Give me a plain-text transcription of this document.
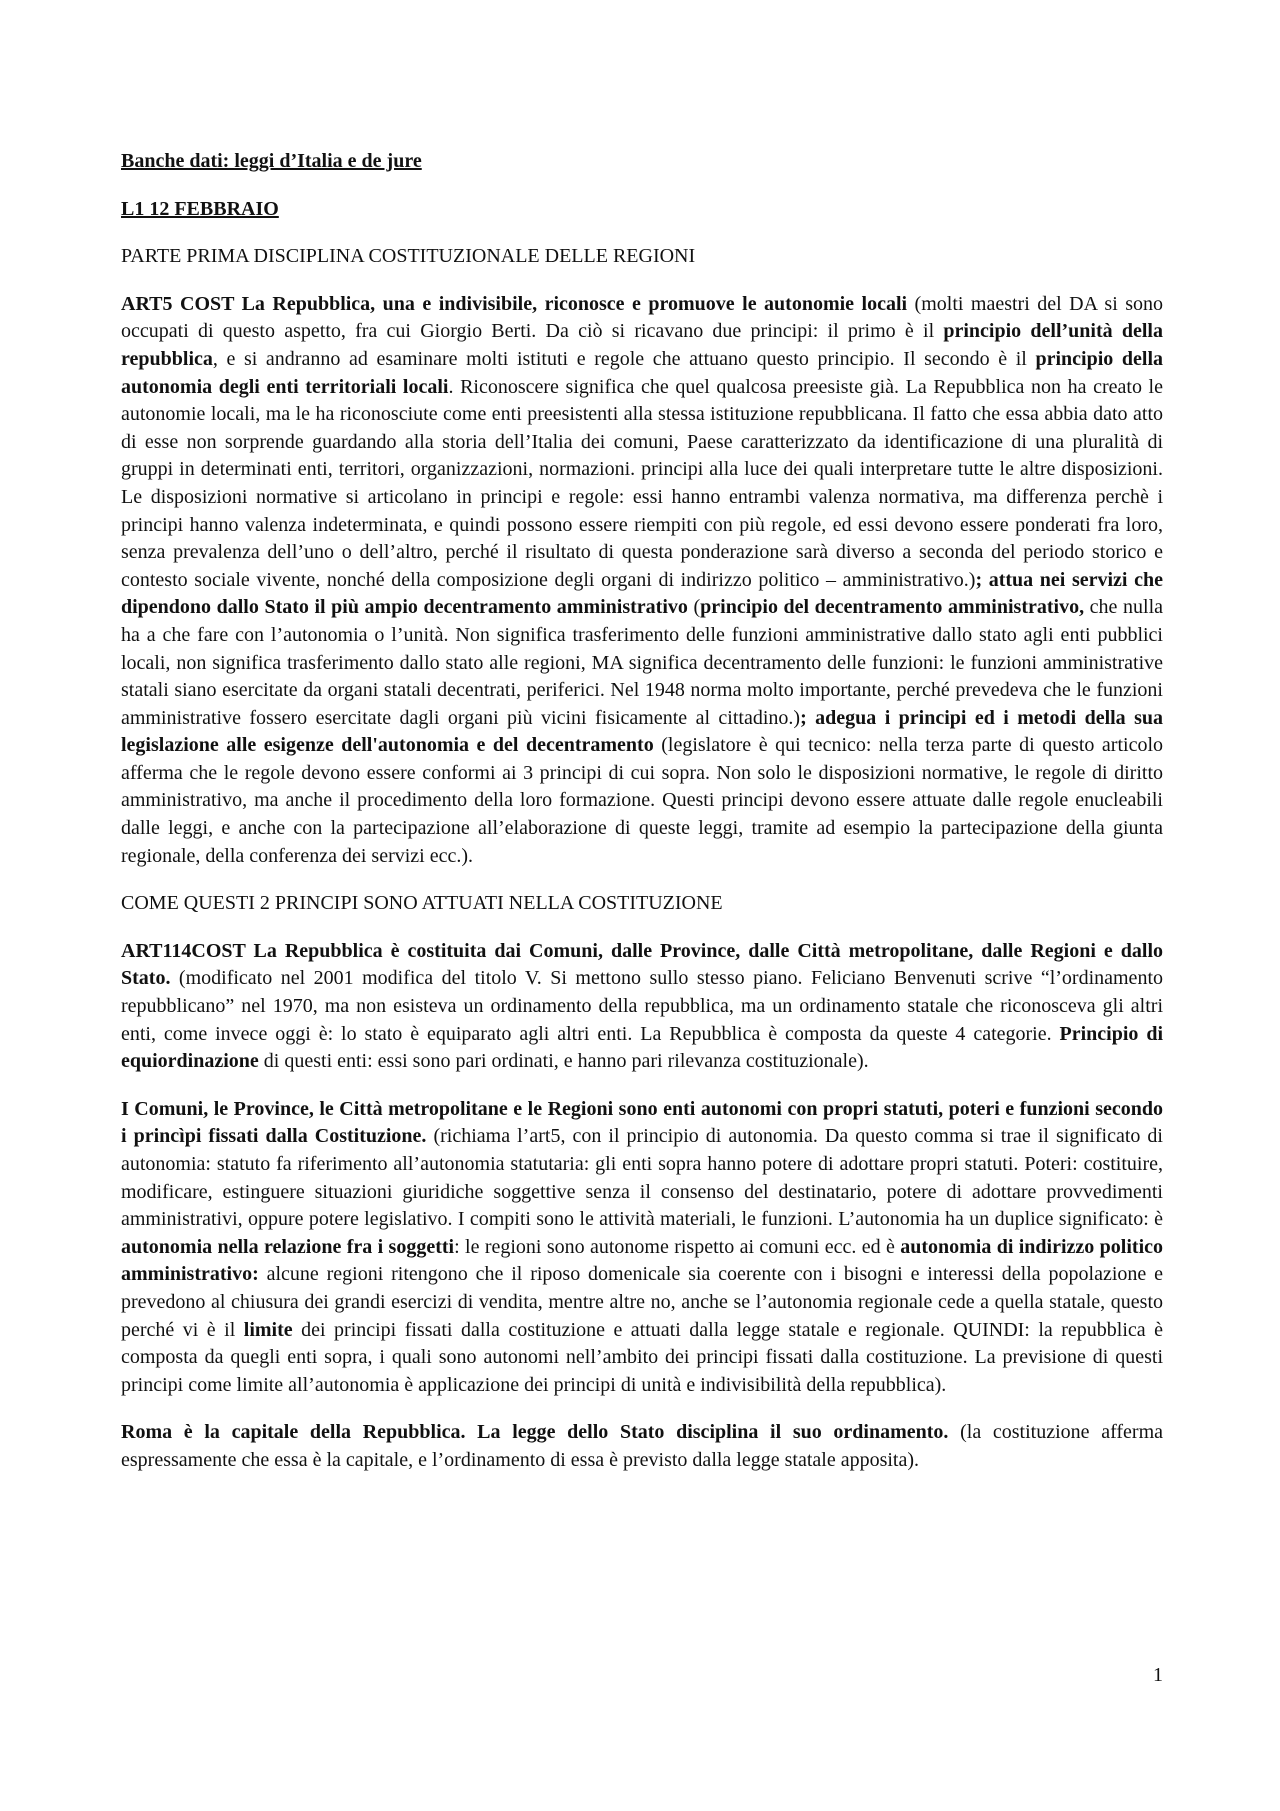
Banche dati: leggi d’Italia e de jure

L1 12 FEBBRAIO

PARTE PRIMA DISCIPLINA COSTITUZIONALE DELLE REGIONI

ART5 COST La Repubblica, una e indivisibile, riconosce e promuove le autonomie locali (molti maestri del DA si sono occupati di questo aspetto, fra cui Giorgio Berti. Da ciò si ricavano due principi: il primo è il principio dell’unità della repubblica, e si andranno ad esaminare molti istituti e regole che attuano questo principio. Il secondo è il principio della autonomia degli enti territoriali locali. Riconoscere significa che quel qualcosa preesiste già. La Repubblica non ha creato le autonomie locali, ma le ha riconosciute come enti preesistenti alla stessa istituzione repubblicana. Il fatto che essa abbia dato atto di esse non sorprende guardando alla storia dell’Italia dei comuni, Paese caratterizzato da identificazione di una pluralità di gruppi in determinati enti, territori, organizzazioni, normazioni. principi alla luce dei quali interpretare tutte le altre disposizioni. Le disposizioni normative si articolano in principi e regole: essi hanno entrambi valenza normativa, ma differenza perchè i principi hanno valenza indeterminata, e quindi possono essere riempiti con più regole, ed essi devono essere ponderati fra loro, senza prevalenza dell’uno o dell’altro, perché il risultato di questa ponderazione sarà diverso a seconda del periodo storico e contesto sociale vivente, nonché della composizione degli organi di indirizzo politico – amministrativo.); attua nei servizi che dipendono dallo Stato il più ampio decentramento amministrativo (principio del decentramento amministrativo, che nulla ha a che fare con l’autonomia o l’unità. Non significa trasferimento delle funzioni amministrative dallo stato agli enti pubblici locali, non significa trasferimento dallo stato alle regioni, MA significa decentramento delle funzioni: le funzioni amministrative statali siano esercitate da organi statali decentrati, periferici. Nel 1948 norma molto importante, perché prevedeva che le funzioni amministrative fossero esercitate dagli organi più vicini fisicamente al cittadino.); adegua i principi ed i metodi della sua legislazione alle esigenze dell'autonomia e del decentramento (legislatore è qui tecnico: nella terza parte di questo articolo afferma che le regole devono essere conformi ai 3 principi di cui sopra. Non solo le disposizioni normative, le regole di diritto amministrativo, ma anche il procedimento della loro formazione. Questi principi devono essere attuate dalle regole enucleabili dalle leggi, e anche con la partecipazione all’elaborazione di queste leggi, tramite ad esempio la partecipazione della giunta regionale, della conferenza dei servizi ecc.).

COME QUESTI 2 PRINCIPI SONO ATTUATI NELLA COSTITUZIONE

ART114COST La Repubblica è costituita dai Comuni, dalle Province, dalle Città metropolitane, dalle Regioni e dallo Stato. (modificato nel 2001 modifica del titolo V. Si mettono sullo stesso piano. Feliciano Benvenuti scrive “l’ordinamento repubblicano” nel 1970, ma non esisteva un ordinamento della repubblica, ma un ordinamento statale che riconosceva gli altri enti, come invece oggi è: lo stato è equiparato agli altri enti. La Repubblica è composta da queste 4 categorie. Principio di equiordinazione di questi enti: essi sono pari ordinati, e hanno pari rilevanza costituzionale).

I Comuni, le Province, le Città metropolitane e le Regioni sono enti autonomi con propri statuti, poteri e funzioni secondo i princìpi fissati dalla Costituzione. (richiama l’art5, con il principio di autonomia. Da questo comma si trae il significato di autonomia: statuto fa riferimento all’autonomia statutaria: gli enti sopra hanno potere di adottare propri statuti. Poteri: costituire, modificare, estinguere situazioni giuridiche soggettive senza il consenso del destinatario, potere di adottare provvedimenti amministrativi, oppure potere legislativo. I compiti sono le attività materiali, le funzioni. L’autonomia ha un duplice significato: è autonomia nella relazione fra i soggetti: le regioni sono autonome rispetto ai comuni ecc. ed è autonomia di indirizzo politico amministrativo: alcune regioni ritengono che il riposo domenicale sia coerente con i bisogni e interessi della popolazione e prevedono al chiusura dei grandi esercizi di vendita, mentre altre no, anche se l’autonomia regionale cede a quella statale, questo perché vi è il limite dei principi fissati dalla costituzione e attuati dalla legge statale e regionale. QUINDI: la repubblica è composta da quegli enti sopra, i quali sono autonomi nell’ambito dei principi fissati dalla costituzione. La previsione di questi principi come limite all’autonomia è applicazione dei principi di unità e indivisibilità della repubblica).

Roma è la capitale della Repubblica. La legge dello Stato disciplina il suo ordinamento. (la costituzione afferma espressamente che essa è la capitale, e l’ordinamento di essa è previsto dalla legge statale apposita).

1
